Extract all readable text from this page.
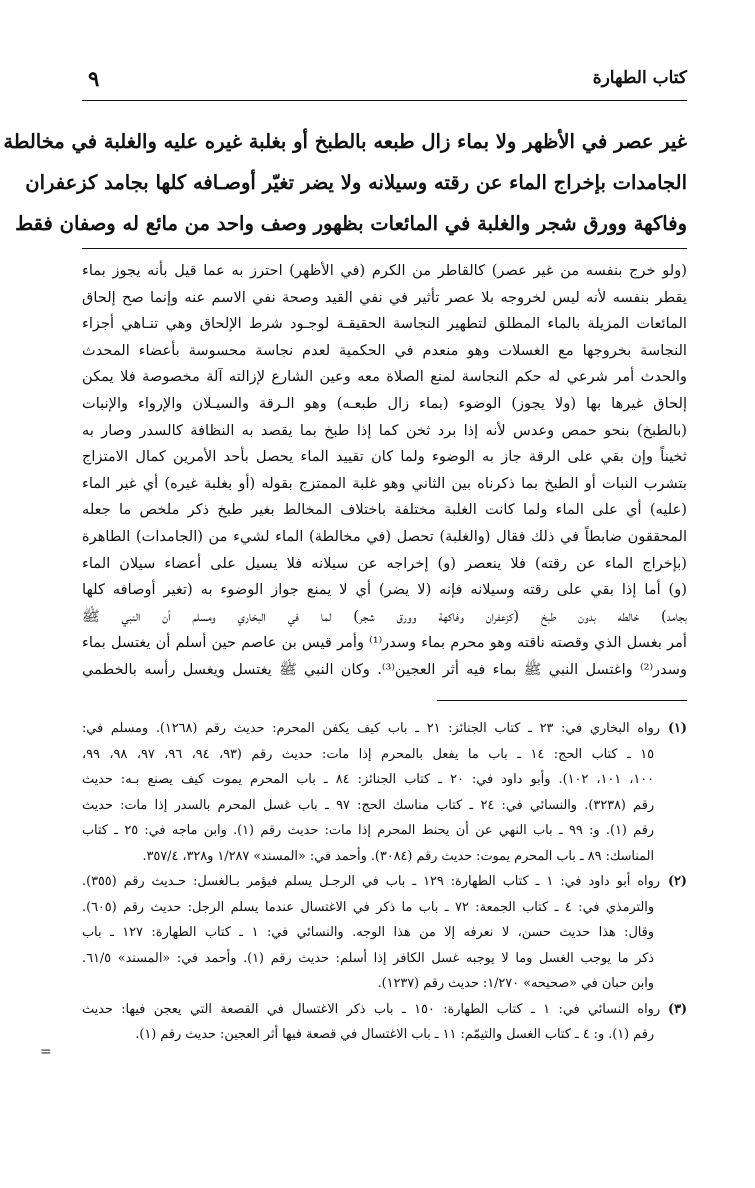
كتاب الطهارة
٩
غير عصر في الأظهر ولا بماء زال طبعه بالطبخ أو بغلبة غيره عليه والغلبة في مخالطة
الجامدات بإخراج الماء عن رقته وسيلانه ولا يضر تغيّر أوصـافه كلها بجامد كزعفران
وفاكهة وورق شجر والغلبة في المائعات بظهور وصف واحد من مائع له وصفان فقط
(ولو خرج بنفسه من غير عصر) كالقاطر من الكرم (في الأظهر) احترز به عما قيل بأنه يجوز بماء
يقطر بنفسه لأنه ليس لخروجه بلا عصر تأثير في نفي القيد وصحة نفي الاسم عنه وإنما صح إلحاق
المائعات المزيلة بالماء المطلق لتطهير النجاسة الحقيقـة لوجـود شرط الإلحاق وهي تنـاهي أجزاء
النجاسة بخروجها مع الغسلات وهو منعدم في الحكمية لعدم نجاسة محسوسة بأعضاء المحدث
والحدث أمر شرعي له حكم النجاسة لمنع الصلاة معه وعين الشارع لإزالته آلة مخصوصة فلا يمكن
إلحاق غيرها بها (ولا يجوز) الوضوء (بماء زال طبعـه) وهو الـرقة والسيـلان والإرواء والإنبات
(بالطبخ) بنحو حمص وعدس لأنه إذا برد ثخن كما إذا طبخ بما يقصد به النظافة كالسدر وصار به
ثخيناً وإن بقي على الرقة جاز به الوضوء ولما كان تقييد الماء يحصل بأحد الأمرين كمال الامتزاج
بتشرب النبات أو الطبخ بما ذكرناه بين الثاني وهو غلبة الممتزج بقوله (أو بغلبة غيره) أي غير الماء
(عليه) أي على الماء ولما كانت الغلبة مختلفة باختلاف المخالط بغير طبخ ذكر ملخص ما جعله
المحققون ضابطاً في ذلك فقال (والغلبة) تحصل (في مخالطة) الماء لشيء من (الجامدات) الطاهرة
(بإخراج الماء عن رقته) فلا ينعصر (و) إخراجه عن سيلانه فلا يسيل على أعضاء سيلان الماء
(و) أما إذا بقي على رقته وسيلانه فإنه (لا يضر) أي لا يمنع جواز الوضوء به (تغير أوصافه كلها
بجامد) خالطه بدون طبخ (كزعفران وفاكهة وورق شجر) لما في البخاري ومسلم أن النبي ﷺ
أمر بغسل الذي وقصته ناقته وهو محرم بماء وسدر⁽¹⁾ وأمر قيس بن عاصم حين أسلم أن يغتسل بماء
وسدر⁽²⁾ واغتسل النبي ﷺ بماء فيه أثر العجين⁽³⁾. وكان النبي ﷺ يغتسل ويغسل رأسه بالخطمي
(١)رواه البخاري في: ٢٣ ـ كتاب الجنائز: ٢١ ـ باب كيف يكفن المحرم: حديث رقم (١٢٦٨). ومسلم في:
١٥ ـ كتاب الحج: ١٤ ـ باب ما يفعل بالمحرم إذا مات: حديث رقم (٩٣، ٩٤، ٩٦، ٩٧، ٩٨، ٩٩،
١٠٠، ١٠١، ١٠٢). وأبو داود في: ٢٠ ـ كتاب الجنائز: ٨٤ ـ باب المحرم يموت كيف يصنع بـه: حديث
رقم (٣٢٣٨). والنسائي في: ٢٤ ـ كتاب مناسك الحج: ٩٧ ـ باب غسل المحرم بالسدر إذا مات: حديث
رقم (١). و: ٩٩ ـ باب النهي عن أن يحنط المحرم إذا مات: حديث رقم (١). وابن ماجه في: ٢٥ ـ كتاب
المناسك: ٨٩ ـ باب المحرم يموت: حديث رقم (٣٠٨٤). وأحمد في: «المسند» ١/٢٨٧ و٣٢٨، ٣٥٧/٤.
(٢)رواه أبو داود في: ١ ـ كتاب الطهارة: ١٢٩ ـ باب في الرجـل يسلم فيؤمر بـالغسل: حـديث رقم (٣٥٥).
والترمذي في: ٤ ـ كتاب الجمعة: ٧٢ ـ باب ما ذكر في الاغتسال عندما يسلم الرجل: حديث رقم (٦٠٥).
وقال: هذا حديث حسن، لا نعرفه إلا من هذا الوجه. والنسائي في: ١ ـ كتاب الطهارة: ١٢٧ ـ باب
ذكر ما يوجب الغسل وما لا يوجبه غسل الكافر إذا أسلم: حديث رقم (١). وأحمد في: «المسند» ٦١/٥.
وابن حبان في «صحيحه» ١/٢٧٠: حديث رقم (١٢٣٧).
(٣)رواه النسائي في: ١ ـ كتاب الطهارة: ١٥٠ ـ باب ذكر الاغتسال في القصعة التي يعجن فيها: حديث
رقم (١). و: ٤ ـ كتاب الغسل والتيمّم: ١١ ـ باب الاغتسال في قصعة فيها أثر العجين: حديث رقم (١).
=
